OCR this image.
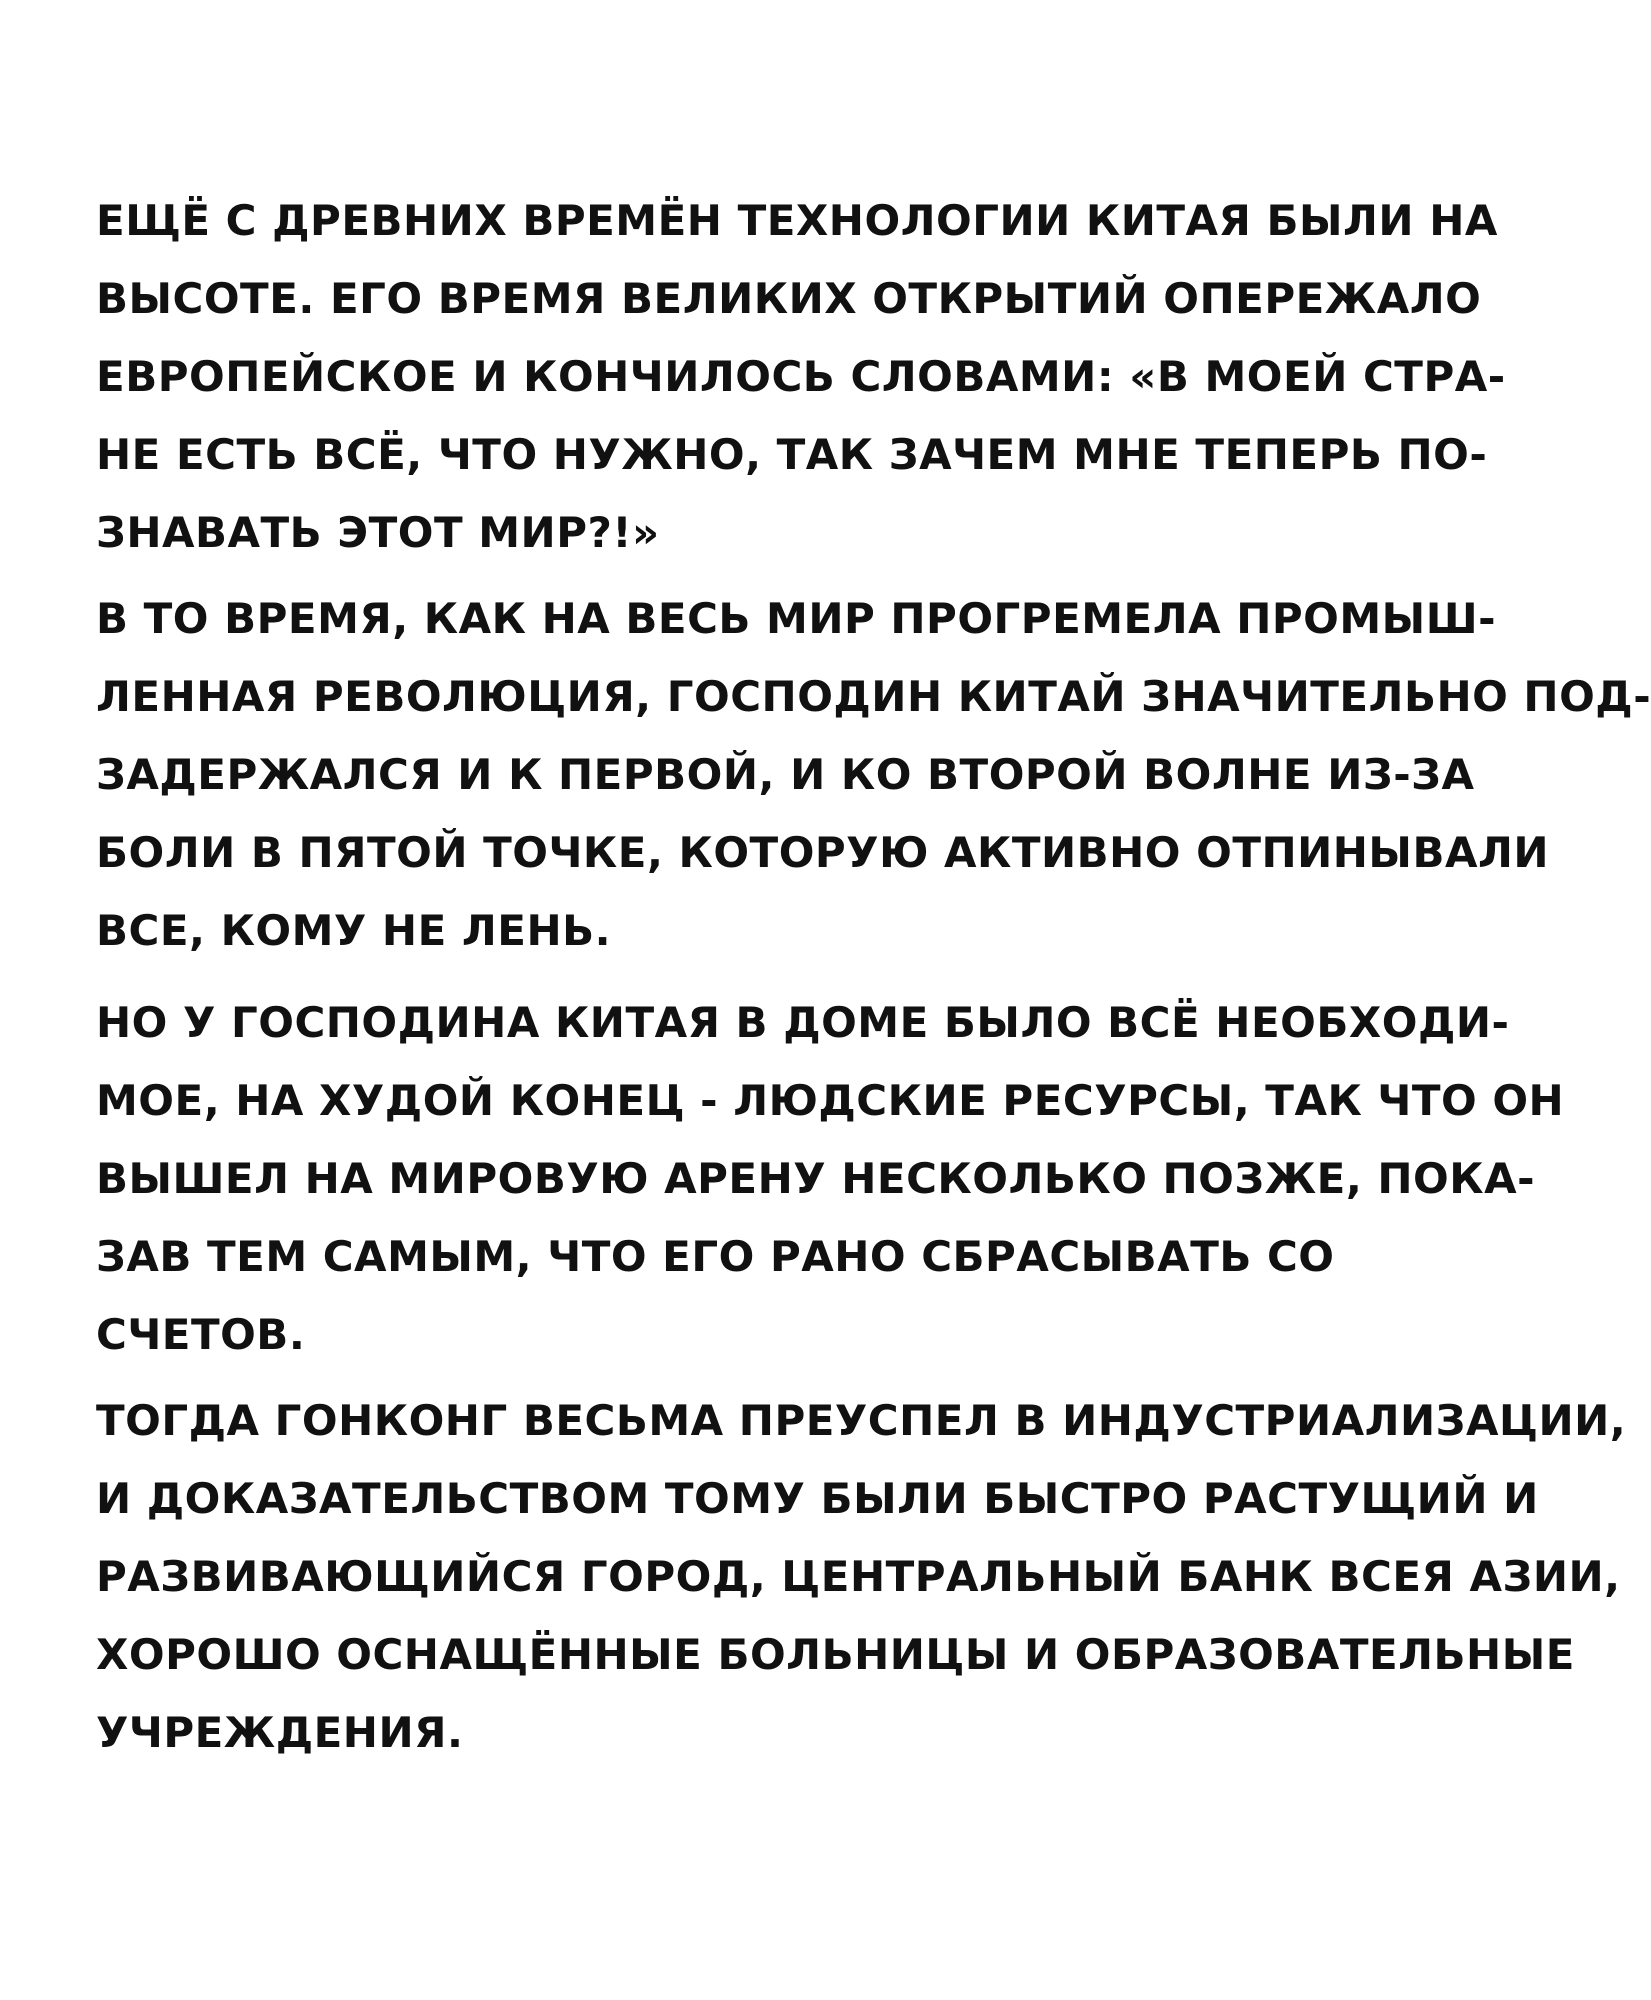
ЕЩЁ С ДРЕВНИХ ВРЕМЁН ТЕХНОЛОГИИ КИТАЯ БЫЛИ НА
ВЫСОТЕ. ЕГО ВРЕМЯ ВЕЛИКИХ ОТКРЫТИЙ ОПЕРЕЖАЛО
ЕВРОПЕЙСКОЕ И КОНЧИЛОСЬ СЛОВАМИ: «В МОЕЙ СТРА-
НЕ ЕСТЬ ВСЁ, ЧТО НУЖНО, ТАК ЗАЧЕМ МНЕ ТЕПЕРЬ ПО-
ЗНАВАТЬ ЭТОТ МИР?!»
В ТО ВРЕМЯ, КАК НА ВЕСЬ МИР ПРОГРЕМЕЛА ПРОМЫШ-
ЛЕННАЯ РЕВОЛЮЦИЯ, ГОСПОДИН КИТАЙ ЗНАЧИТЕЛЬНО ПОД-
ЗАДЕРЖАЛСЯ И К ПЕРВОЙ, И КО ВТОРОЙ ВОЛНЕ ИЗ-ЗА
БОЛИ В ПЯТОЙ ТОЧКЕ, КОТОРУЮ АКТИВНО ОТПИНЫВАЛИ
ВСЕ, КОМУ НЕ ЛЕНЬ.
НО У ГОСПОДИНА КИТАЯ В ДОМЕ БЫЛО ВСЁ НЕОБХОДИ-
МОЕ, НА ХУДОЙ КОНЕЦ - ЛЮДСКИЕ РЕСУРСЫ, ТАК ЧТО ОН
ВЫШЕЛ НА МИРОВУЮ АРЕНУ НЕСКОЛЬКО ПОЗЖЕ, ПОКА-
ЗАВ ТЕМ САМЫМ, ЧТО ЕГО РАНО СБРАСЫВАТЬ СО
СЧЕТОВ.
ТОГДА ГОНКОНГ ВЕСЬМА ПРЕУСПЕЛ В ИНДУСТРИАЛИЗАЦИИ,
И ДОКАЗАТЕЛЬСТВОМ ТОМУ БЫЛИ БЫСТРО РАСТУЩИЙ И
РАЗВИВАЮЩИЙСЯ ГОРОД, ЦЕНТРАЛЬНЫЙ БАНК ВСЕЯ АЗИИ,
ХОРОШО ОСНАЩЁННЫЕ БОЛЬНИЦЫ И ОБРАЗОВАТЕЛЬНЫЕ
УЧРЕЖДЕНИЯ.
